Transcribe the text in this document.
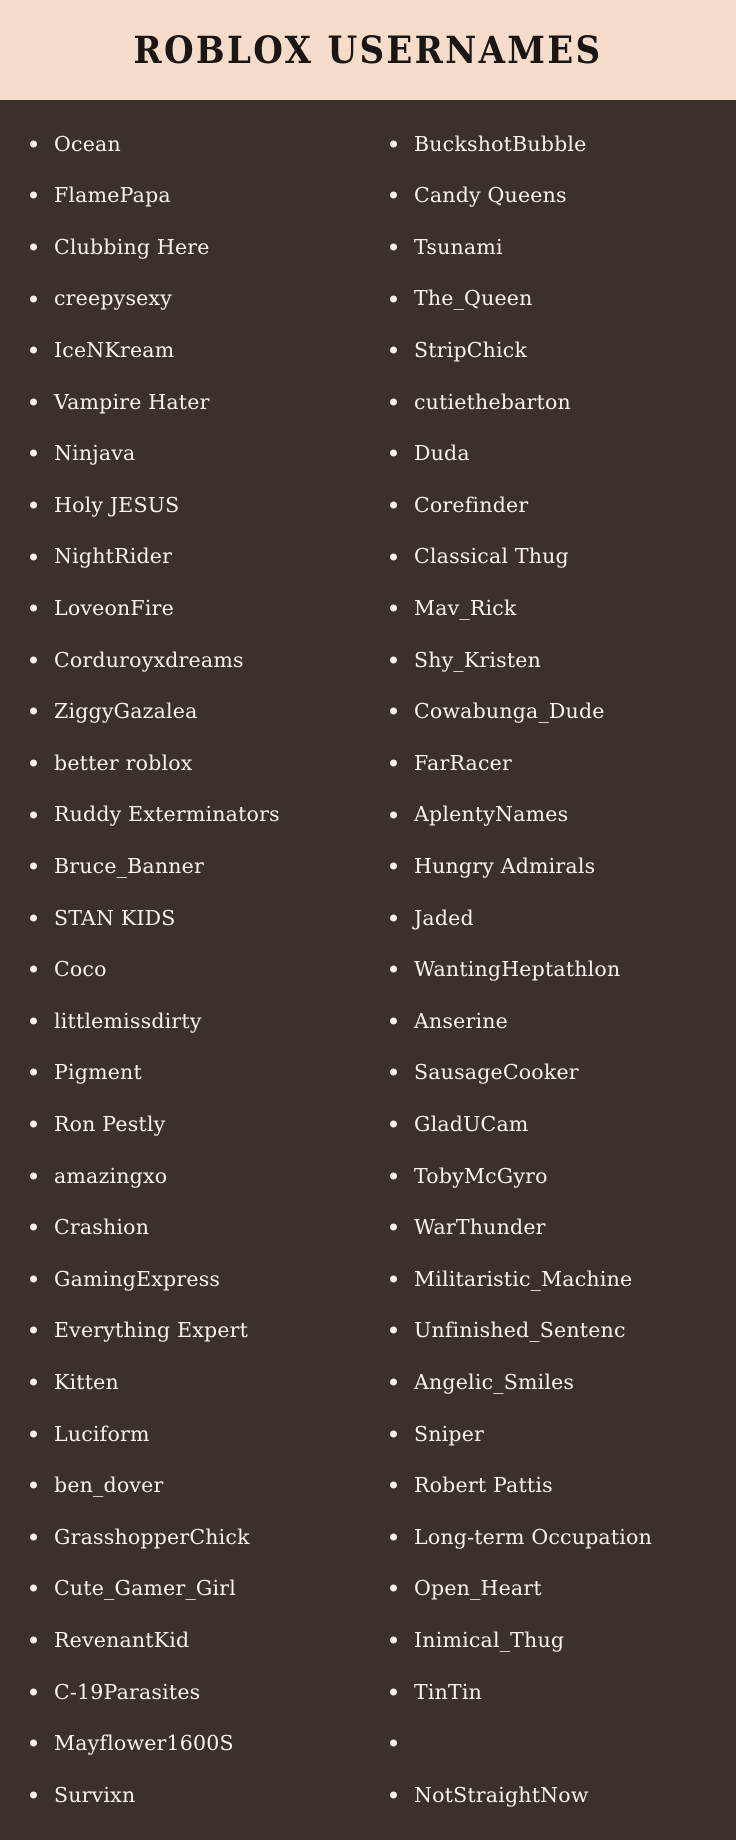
ROBLOX USERNAMES
Ocean
FlamePapa
Clubbing Here
creepysexy
IceNKream
Vampire Hater
Ninjava
Holy JESUS
NightRider
LoveonFire
Corduroyxdreams
ZiggyGazalea
better roblox
Ruddy Exterminators
Bruce_Banner
STAN KIDS
Coco
littlemissdirty
Pigment
Ron Pestly
amazingxo
Crashion
GamingExpress
Everything Expert
Kitten
Luciform
ben_dover
GrasshopperChick
Cute_Gamer_Girl
RevenantKid
C-19Parasites
Mayflower1600S
Survixn
BuckshotBubble
Candy Queens
Tsunami
The_Queen
StripChick
cutiethebarton
Duda
Corefinder
Classical Thug
Mav_Rick
Shy_Kristen
Cowabunga_Dude
FarRacer
AplentyNames
Hungry Admirals
Jaded
WantingHeptathlon
Anserine
SausageCooker
GladUCam
TobyMcGyro
WarThunder
Militaristic_Machine
Unfinished_Sentenc
Angelic_Smiles
Sniper
Robert Pattis
Long-term Occupation
Open_Heart
Inimical_Thug
TinTin
NotStraightNow
